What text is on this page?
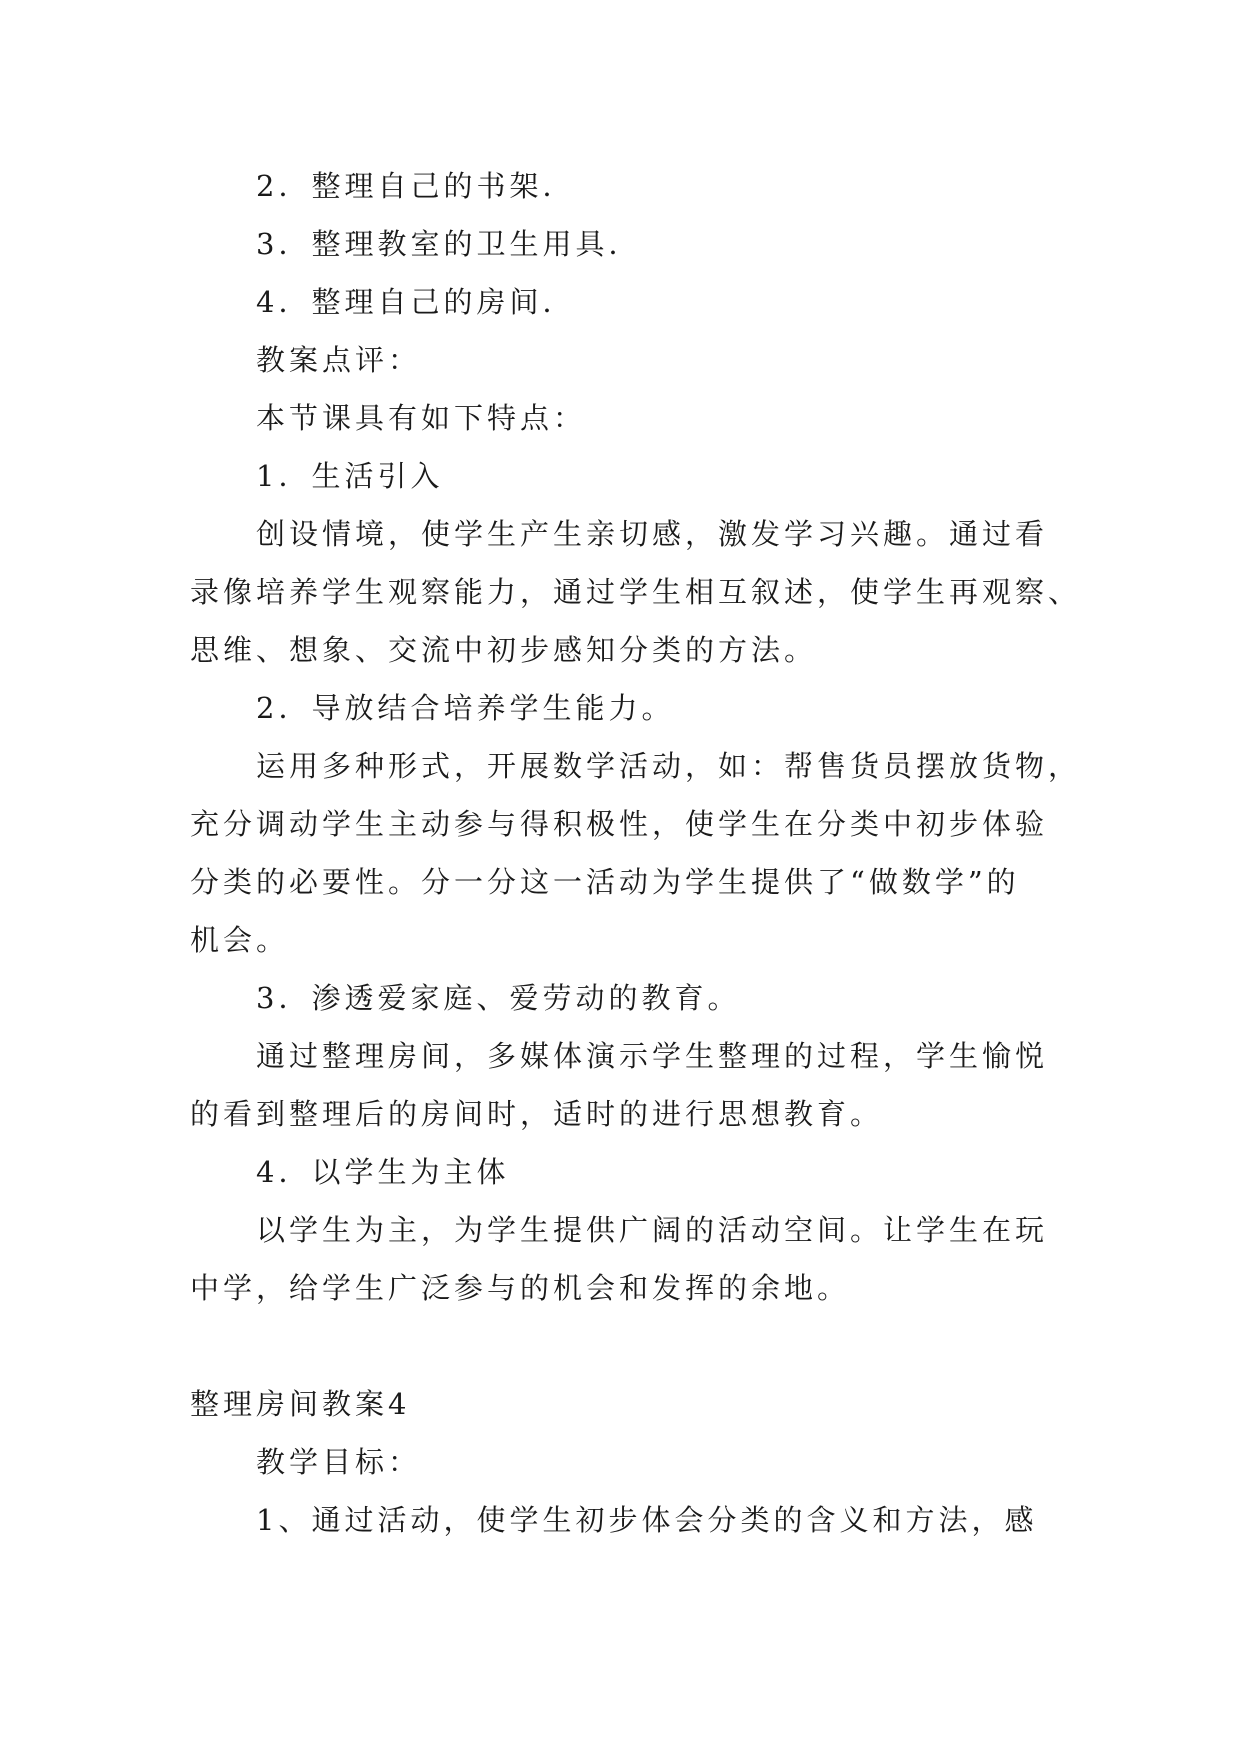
2．整理自己的书架．
3．整理教室的卫生用具．
4．整理自己的房间．
教案点评：
本节课具有如下特点：
1．生活引入
创设情境，使学生产生亲切感，激发学习兴趣。通过看
录像培养学生观察能力，通过学生相互叙述，使学生再观察、
思维、想象、交流中初步感知分类的方法。
2．导放结合培养学生能力。
运用多种形式，开展数学活动，如：帮售货员摆放货物，
充分调动学生主动参与得积极性，使学生在分类中初步体验
分类的必要性。分一分这一活动为学生提供了“做数学”的
机会。
3．渗透爱家庭、爱劳动的教育。
通过整理房间，多媒体演示学生整理的过程，学生愉悦
的看到整理后的房间时，适时的进行思想教育。
4．以学生为主体
以学生为主，为学生提供广阔的活动空间。让学生在玩
中学，给学生广泛参与的机会和发挥的余地。
整理房间教案4
教学目标：
1、通过活动，使学生初步体会分类的含义和方法，感
